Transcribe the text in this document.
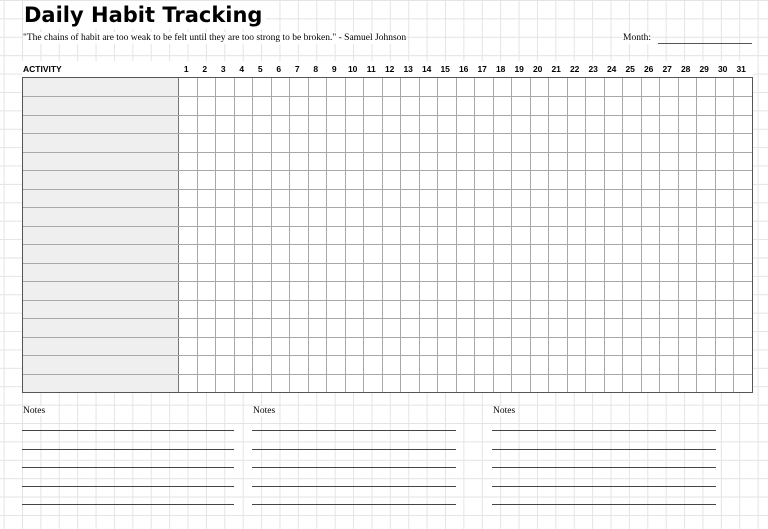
Daily Habit Tracking
"The chains of habit are too weak to be felt until they are too strong to be broken." - Samuel Johnson	Month:
ACTIVITY	1	2	3	4	5	6	7	8	9	10	11	12	13	14	15	16	17	18	19	20	21	22	23	24	25	26	27	28	29	30	31
Notes	Notes	Notes
